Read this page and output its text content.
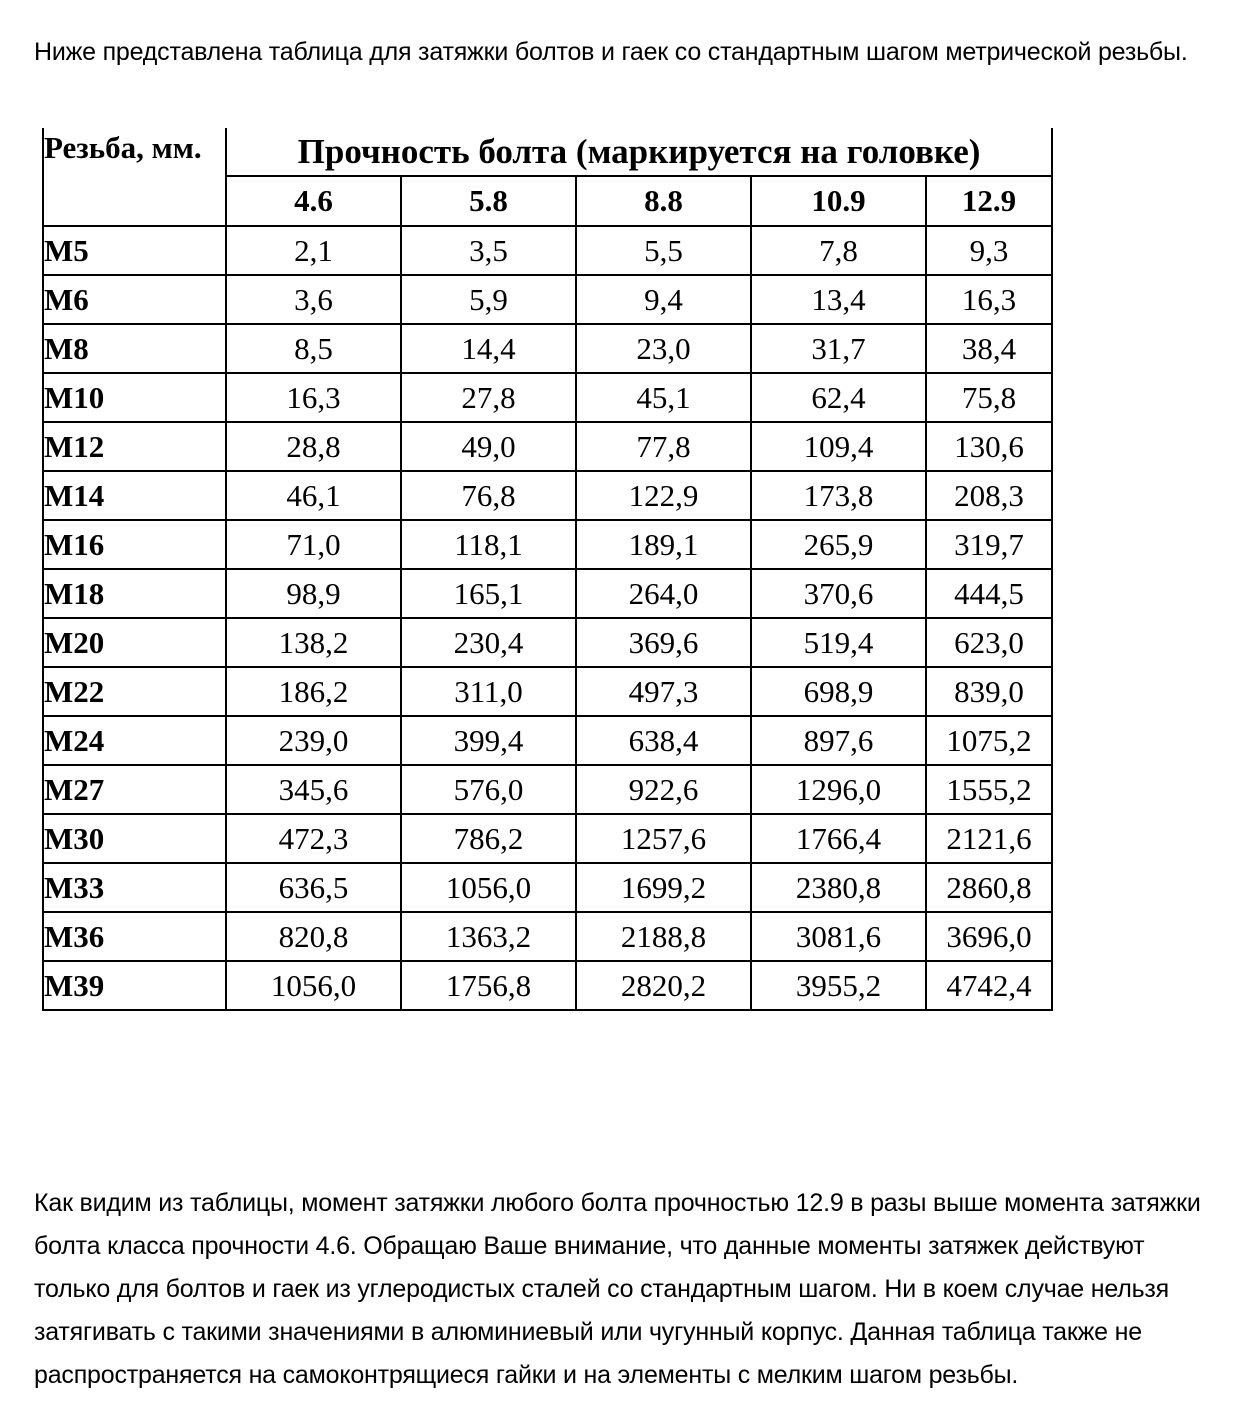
Ниже представлена таблица для затяжки болтов и гаек со стандартным шагом метрической резьбы.

Резьба, мм.	Прочность болта (маркируется на головке)				
	4.6	5.8	8.8	10.9	12.9
M5	2,1	3,5	5,5	7,8	9,3
M6	3,6	5,9	9,4	13,4	16,3
M8	8,5	14,4	23,0	31,7	38,4
M10	16,3	27,8	45,1	62,4	75,8
M12	28,8	49,0	77,8	109,4	130,6
M14	46,1	76,8	122,9	173,8	208,3
M16	71,0	118,1	189,1	265,9	319,7
M18	98,9	165,1	264,0	370,6	444,5
M20	138,2	230,4	369,6	519,4	623,0
M22	186,2	311,0	497,3	698,9	839,0
M24	239,0	399,4	638,4	897,6	1075,2
M27	345,6	576,0	922,6	1296,0	1555,2
M30	472,3	786,2	1257,6	1766,4	2121,6
M33	636,5	1056,0	1699,2	2380,8	2860,8
M36	820,8	1363,2	2188,8	3081,6	3696,0
M39	1056,0	1756,8	2820,2	3955,2	4742,4

Как видим из таблицы, момент затяжки любого болта прочностью 12.9 в разы выше момента затяжки болта класса прочности 4.6. Обращаю Ваше внимание, что данные моменты затяжек действуют только для болтов и гаек из углеродистых сталей со стандартным шагом. Ни в коем случае нельзя затягивать с такими значениями в алюминиевый или чугунный корпус. Данная таблица также не распространяется на самоконтрящиеся гайки и на элементы с мелким шагом резьбы.
